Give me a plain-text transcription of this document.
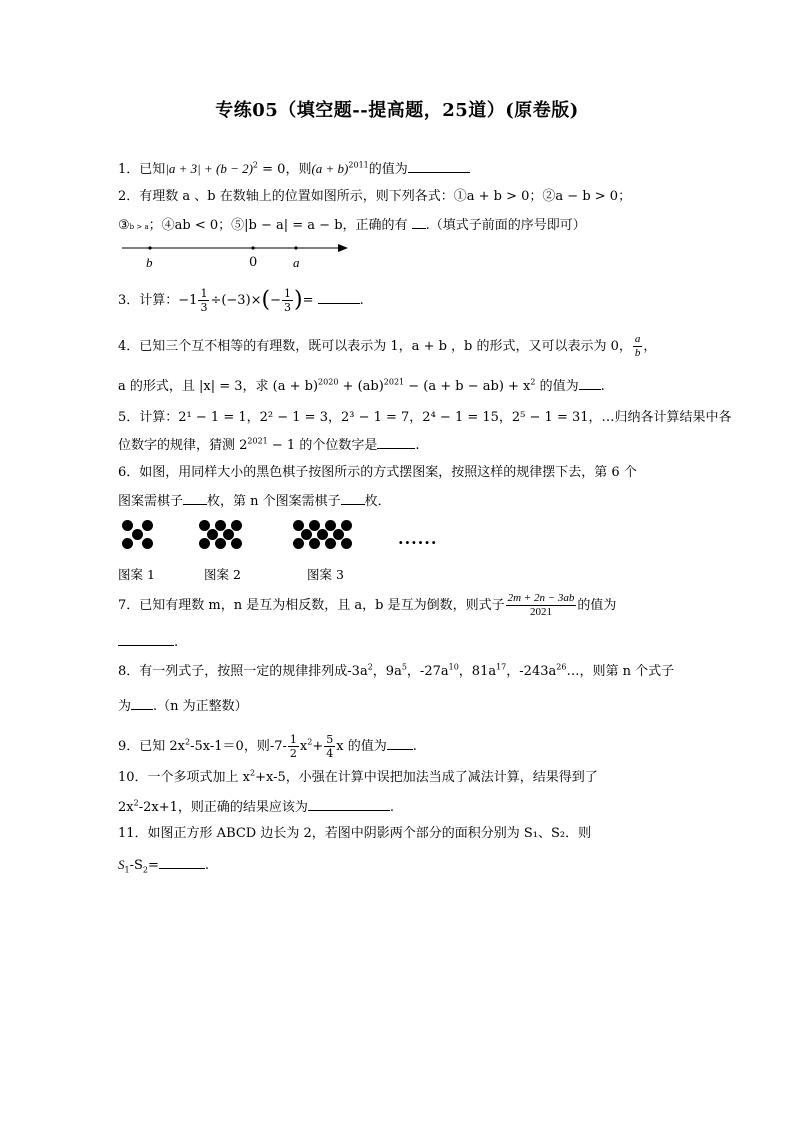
专练05（填空题--提高题，25道）(原卷版)
1．已知$|a + 3| + (b - 2)^2 = 0$，则$(a + b)^{2011}$的值为
2．有理数 a 、b 在数轴上的位置如图所示，则下列各式：①a + b > 0；②a − b > 0；
③b > a；④ab < 0；⑤|b − a| = a − b，正确的有 .（填式子前面的序号即可）
b	0	a
3．计算：$-1 \frac{1}{3} \div(-3)\times(- \frac{1}{3}$ )=	.
4．已知三个互不相等的有理数，既可以表示为 1，a + b ，b 的形式，又可以表示为 0， $\frac{a}{b}$ ，
a 的形式，且 |x| = 3，求 $(a + b)^{2020} + (ab)^{2021} - (a + b - ab) + x^2$ 的值为 .
5．计算：2¹ − 1 = 1，2² − 1 = 3，2³ − 1 = 7，2⁴ − 1 = 15，2⁵ − 1 = 31，…归纳各计算结果中各
位数字的规律，猜测 $2^{2021} - 1$ 的个位数字是	.
6．如图，用同样大小的黑色棋子按图所示的方式摆图案，按照这样的规律摆下去，第 6 个
图案需棋子 枚，第 n 个图案需棋子 枚．
······
图案 1	图案 2	图案 3
7．已知有理数 m，n 是互为相反数，且 a，b 是互为倒数，则式子 $\frac{2m + 2n - 3ab}{2021}$ 的值为
.
8．有一列式子，按照一定的规律排列成$-3a^2$，$9a^5$，$-27a^{10}$，$81a^{17}$，$-243a^{26}\dots$，则第 n 个式子
为 .（n 为正整数）
9．已知 $2x^2-5x-1=0$，则$-7- \frac{1}{2} x^2+ \frac{5}{4}$ x 的值为 .
10．一个多项式加上 $x^2+x-5$，小强在计算中误把加法当成了减法计算，结果得到了
$2x^2-2x+1$，则正确的结果应该为	.
11．如图正方形 ABCD 边长为 2，若图中阴影两个部分的面积分别为 S₁、S₂．则
$S_1-S_2=$	.
